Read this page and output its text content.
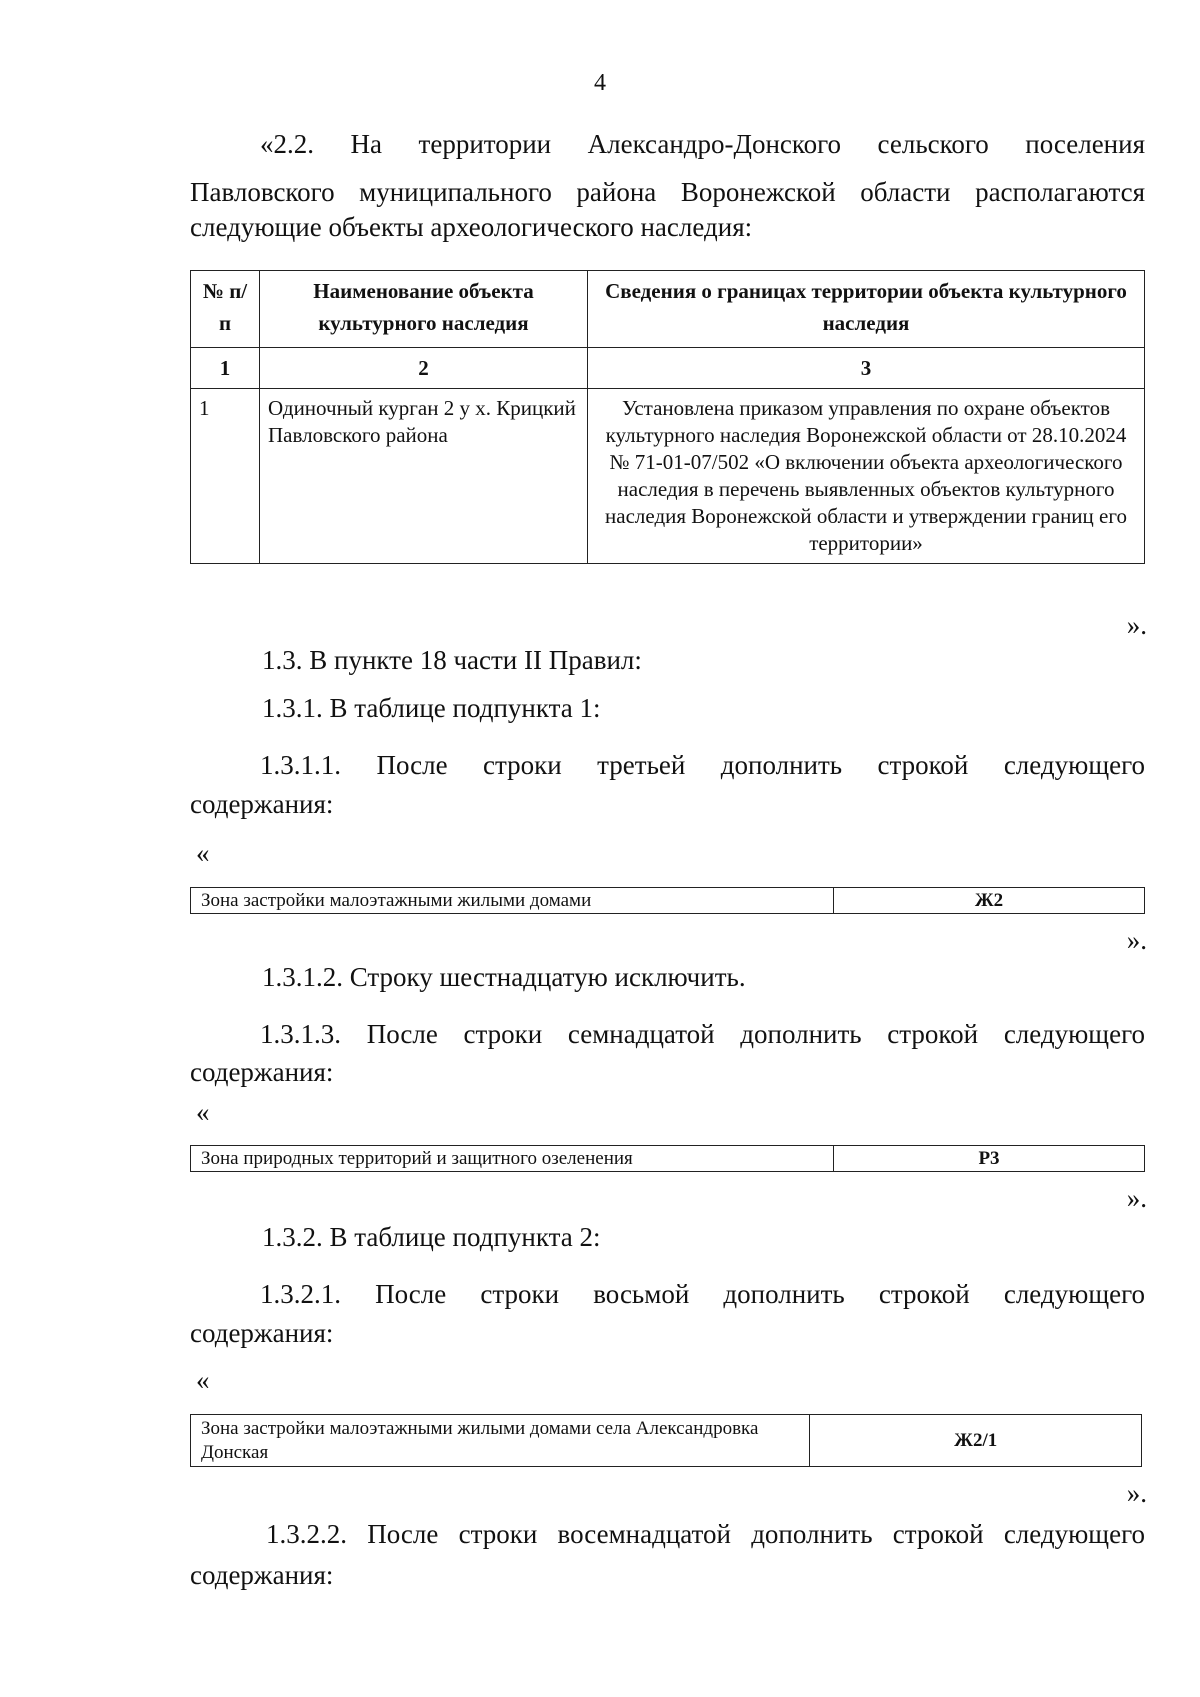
4

«2.2. На территории Александро-Донского сельского поселения Павловского муниципального района Воронежской области располагаются

следующие объекты археологического наследия:
№ п/п	Наименование объекта культурного наследия	Сведения о границах территории объекта культурного наследия
1	2	3
1	Одиночный курган 2 у х. Крицкий Павловского района	Установлена приказом управления по охране объектов культурного наследия Воронежской области от 28.10.2024 № 71-01-07/502 «О включении объекта археологического наследия в перечень выявленных объектов культурного наследия Воронежской области и утверждении границ его территории»
».
1.3. В пункте 18 части II Правил:
1.3.1. В таблице подпункта 1:

1.3.1.1. После строки третьей дополнить строкой следующего

содержания:
«
Зона застройки малоэтажными жилыми домами	Ж2
».
1.3.1.2. Строку шестнадцатую исключить.

1.3.1.3. После строки семнадцатой дополнить строкой следующего

содержания:
«
Зона природных территорий и защитного озеленения	Р3
».
1.3.2. В таблице подпункта 2:

1.3.2.1. После строки восьмой дополнить строкой следующего

содержания:
«
Зона застройки малоэтажными жилыми домами села Александровка Донская	Ж2/1
».

1.3.2.2. После строки восемнадцатой дополнить строкой следующего

содержания:
